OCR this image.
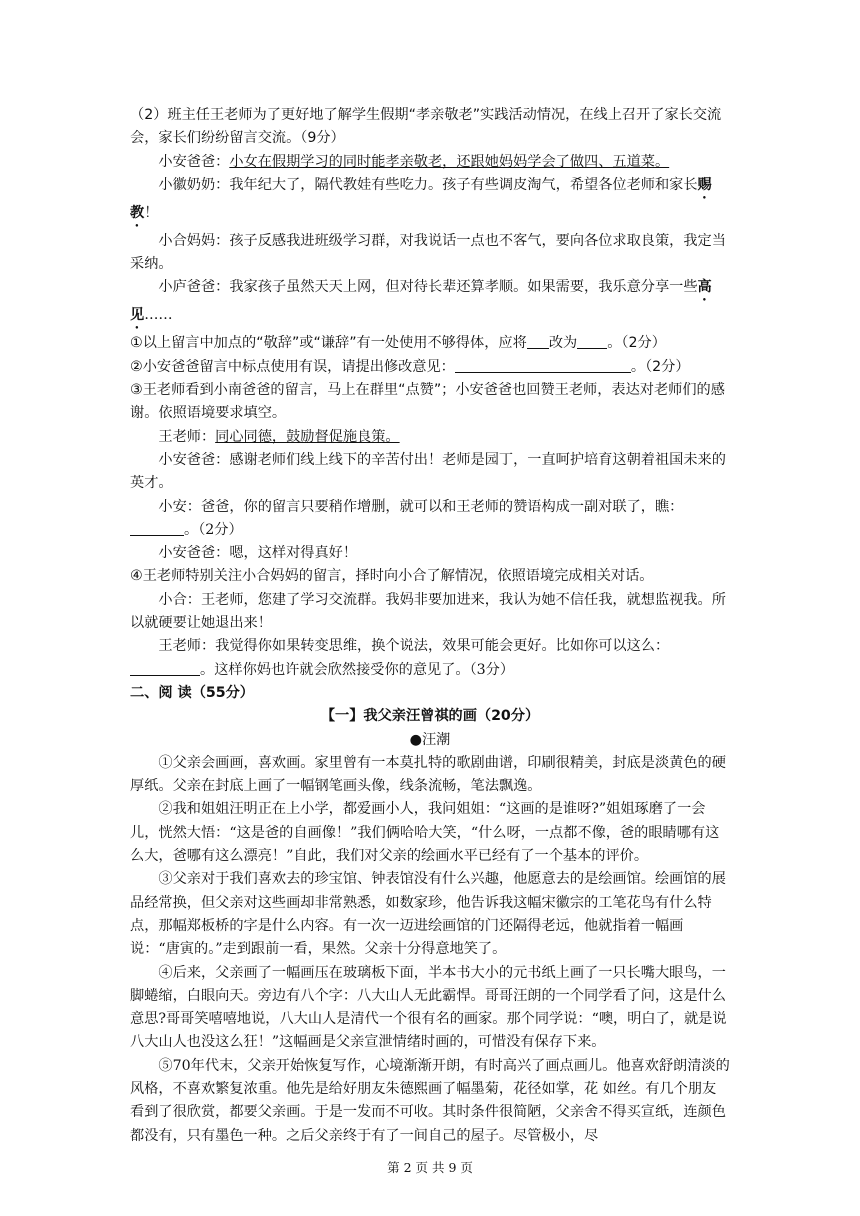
（2）班主任王老师为了更好地了解学生假期“孝亲敬老”实践活动情况，在线上召开了家长交流会，家长们纷纷留言交流。（9分）

小安爸爸：小女在假期学习的同时能孝亲敬老，还跟她妈妈学会了做四、五道菜。

小徽奶奶：我年纪大了，隔代教娃有些吃力。孩子有些调皮淘气，希望各位老师和家长赐教！

小合妈妈：孩子反感我进班级学习群，对我说话一点也不客气，要向各位求取良策，我定当采纳。

小庐爸爸：我家孩子虽然天天上网，但对待长辈还算孝顺。如果需要，我乐意分享一些高见……

①以上留言中加点的“敬辞”或“谦辞”有一处使用不够得体，应将 改为 。（2分）

②小安爸爸留言中标点使用有误，请提出修改意见：	。（2分）

③王老师看到小南爸爸的留言，马上在群里“点赞”；小安爸爸也回赞王老师，表达对老师们的感谢。依照语境要求填空。

王老师：同心同德，鼓励督促施良策。

小安爸爸：感谢老师们线上线下的辛苦付出！老师是园丁，一直呵护培育这朝着祖国未来的英才。

小安：爸爸，你的留言只要稍作增删，就可以和王老师的赞语构成一副对联了，瞧：
。（2分）

小安爸爸：嗯，这样对得真好！

④王老师特别关注小合妈妈的留言，择时向小合了解情况，依照语境完成相关对话。

小合：王老师，您建了学习交流群。我妈非要加进来，我认为她不信任我，就想监视我。所以就硬要让她退出来！

王老师：我觉得你如果转变思维，换个说法，效果可能会更好。比如你可以这么：
。这样你妈也许就会欣然接受你的意见了。（3分）

二、阅 读（55分）

【一】我父亲汪曾祺的画（20分）

●汪潮

①父亲会画画，喜欢画。家里曾有一本莫扎特的歌剧曲谱，印刷很精美，封底是淡黄色的硬厚纸。父亲在封底上画了一幅钢笔画头像，线条流畅，笔法飘逸。

②我和姐姐汪明正在上小学，都爱画小人，我问姐姐：“这画的是谁呀?”姐姐琢磨了一会儿，恍然大悟：“这是爸的自画像！”我们俩哈哈大笑，“什么呀，一点都不像，爸的眼睛哪有这么大，爸哪有这么漂亮！”自此，我们对父亲的绘画水平已经有了一个基本的评价。

③父亲对于我们喜欢去的珍宝馆、钟表馆没有什么兴趣，他愿意去的是绘画馆。绘画馆的展品经常换，但父亲对这些画却非常熟悉，如数家珍，他告诉我这幅宋徽宗的工笔花鸟有什么特点，那幅郑板桥的字是什么内容。有一次一迈进绘画馆的门还隔得老远，他就指着一幅画说：“唐寅的。”走到跟前一看，果然。父亲十分得意地笑了。

④后来，父亲画了一幅画压在玻璃板下面，半本书大小的元书纸上画了一只长嘴大眼鸟，一脚蜷缩，白眼向天。旁边有八个字：八大山人无此霸悍。哥哥汪朗的一个同学看了问，这是什么意思?哥哥笑嘻嘻地说，八大山人是清代一个很有名的画家。那个同学说：“噢，明白了，就是说八大山人也没这么狂！”这幅画是父亲宣泄情绪时画的，可惜没有保存下来。

⑤70年代末，父亲开始恢复写作，心境渐渐开朗，有时高兴了画点画儿。他喜欢舒朗清淡的风格，不喜欢繁复浓重。他先是给好朋友朱德熙画了幅墨菊，花径如掌，花 如丝。有几个朋友看到了很欣赏，都要父亲画。于是一发而不可收。其时条件很简陋，父亲舍不得买宣纸，连颜色都没有，只有墨色一种。之后父亲终于有了一间自己的屋子。尽管极小，尽

第 2 页 共 9 页
